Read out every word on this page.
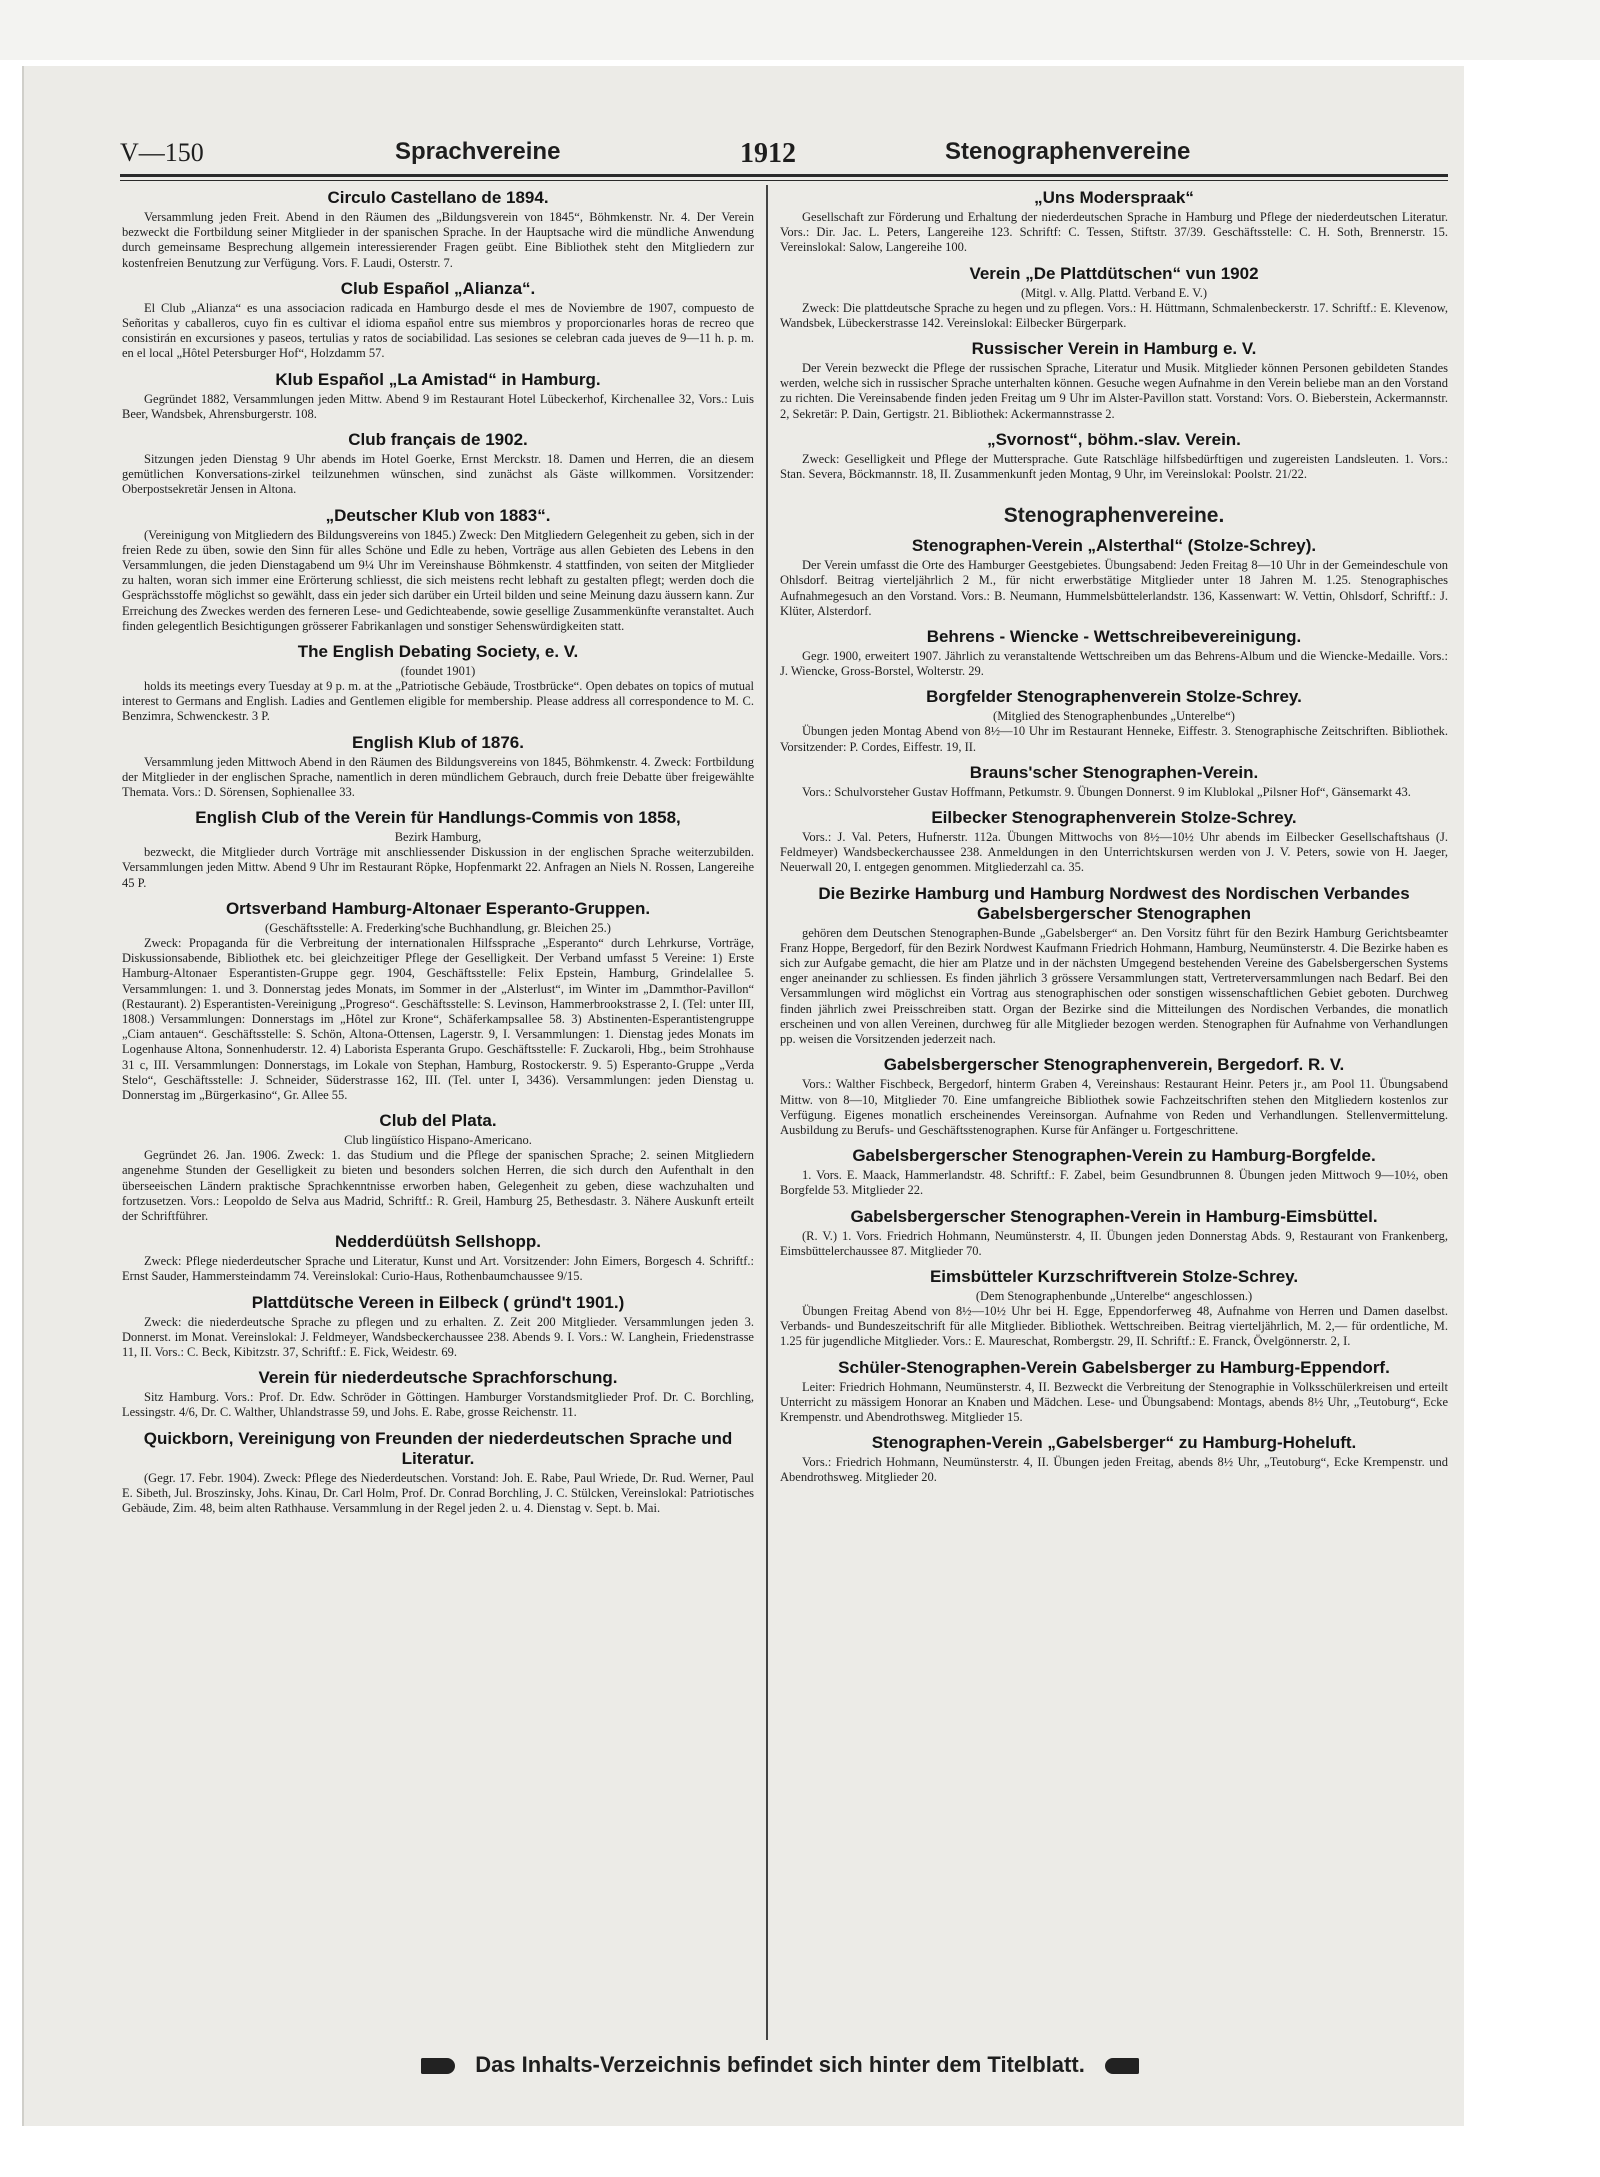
V—150	Sprachvereine	1912	Stenographenvereine
Circulo Castellano de 1894.

Versammlung jeden Freit. Abend in den Räumen des „Bildungsverein von 1845“, Böhmkenstr. Nr. 4. Der Verein bezweckt die Fortbildung seiner Mitglieder in der spanischen Sprache. In der Hauptsache wird die mündliche Anwendung durch gemeinsame Besprechung allgemein interessierender Fragen geübt. Eine Bibliothek steht den Mitgliedern zur kostenfreien Benutzung zur Verfügung. Vors. F. Laudi, Osterstr. 7.

Club Español „Alianza“.

El Club „Alianza“ es una associacion radicada en Hamburgo desde el mes de Noviembre de 1907, compuesto de Señoritas y caballeros, cuyo fin es cultivar el idioma español entre sus miembros y proporcionarles horas de recreo que consistirán en excursiones y paseos, tertulias y ratos de sociabilidad. Las sesiones se celebran cada jueves de 9—11 h. p. m. en el local „Hôtel Petersburger Hof“, Holzdamm 57.

Klub Español „La Amistad“ in Hamburg.

Gegründet 1882, Versammlungen jeden Mittw. Abend 9 im Restaurant Hotel Lübeckerhof, Kirchenallee 32, Vors.: Luis Beer, Wandsbek, Ahrensburgerstr. 108.

Club français de 1902.

Sitzungen jeden Dienstag 9 Uhr abends im Hotel Goerke, Ernst Merckstr. 18. Damen und Herren, die an diesem gemütlichen Konversations-zirkel teilzunehmen wünschen, sind zunächst als Gäste willkommen. Vorsitzender: Oberpostsekretär Jensen in Altona.

„Deutscher Klub von 1883“.

(Vereinigung von Mitgliedern des Bildungsvereins von 1845.) Zweck: Den Mitgliedern Gelegenheit zu geben, sich in der freien Rede zu üben, sowie den Sinn für alles Schöne und Edle zu heben, Vorträge aus allen Gebieten des Lebens in den Versammlungen, die jeden Dienstagabend um 9¼ Uhr im Vereinshause Böhmkenstr. 4 stattfinden, von seiten der Mitglieder zu halten, woran sich immer eine Erörterung schliesst, die sich meistens recht lebhaft zu gestalten pflegt; werden doch die Gesprächsstoffe möglichst so gewählt, dass ein jeder sich darüber ein Urteil bilden und seine Meinung dazu äussern kann. Zur Erreichung des Zweckes werden des ferneren Lese- und Gedichteabende, sowie gesellige Zusammenkünfte veranstaltet. Auch finden gelegentlich Besichtigungen grösserer Fabrikanlagen und sonstiger Sehenswürdigkeiten statt.

The English Debating Society, e. V.
(foundet 1901)

holds its meetings every Tuesday at 9 p. m. at the „Patriotische Gebäude, Trostbrücke“. Open debates on topics of mutual interest to Germans and English. Ladies and Gentlemen eligible for membership. Please address all correspondence to M. C. Benzimra, Schwenckestr. 3 P.

English Klub of 1876.

Versammlung jeden Mittwoch Abend in den Räumen des Bildungsvereins von 1845, Böhmkenstr. 4. Zweck: Fortbildung der Mitglieder in der englischen Sprache, namentlich in deren mündlichem Gebrauch, durch freie Debatte über freigewählte Themata. Vors.: D. Sörensen, Sophienallee 33.

English Club of the Verein für Handlungs-Commis von 1858,
Bezirk Hamburg,

bezweckt, die Mitglieder durch Vorträge mit anschliessender Diskussion in der englischen Sprache weiterzubilden. Versammlungen jeden Mittw. Abend 9 Uhr im Restaurant Röpke, Hopfenmarkt 22. Anfragen an Niels N. Rossen, Langereihe 45 P.

Ortsverband Hamburg-Altonaer Esperanto-Gruppen.
(Geschäftsstelle: A. Frederking'sche Buchhandlung, gr. Bleichen 25.)

Zweck: Propaganda für die Verbreitung der internationalen Hilfssprache „Esperanto“ durch Lehrkurse, Vorträge, Diskussionsabende, Bibliothek etc. bei gleichzeitiger Pflege der Geselligkeit. Der Verband umfasst 5 Vereine: 1) Erste Hamburg-Altonaer Esperantisten-Gruppe gegr. 1904, Geschäftsstelle: Felix Epstein, Hamburg, Grindelallee 5. Versammlungen: 1. und 3. Donnerstag jedes Monats, im Sommer in der „Alsterlust“, im Winter im „Dammthor-Pavillon“ (Restaurant). 2) Esperantisten-Vereinigung „Progreso“. Geschäftsstelle: S. Levinson, Hammerbrookstrasse 2, I. (Tel: unter III, 1808.) Versammlungen: Donnerstags im „Hôtel zur Krone“, Schäferkampsallee 58. 3) Abstinenten-Esperantistengruppe „Ciam antauen“. Geschäftsstelle: S. Schön, Altona-Ottensen, Lagerstr. 9, I. Versammlungen: 1. Dienstag jedes Monats im Logenhause Altona, Sonnenhuderstr. 12. 4) Laborista Esperanta Grupo. Geschäftsstelle: F. Zuckaroli, Hbg., beim Strohhause 31 c, III. Versammlungen: Donnerstags, im Lokale von Stephan, Hamburg, Rostockerstr. 9. 5) Esperanto-Gruppe „Verda Stelo“, Geschäftsstelle: J. Schneider, Süderstrasse 162, III. (Tel. unter I, 3436). Versammlungen: jeden Dienstag u. Donnerstag im „Bürgerkasino“, Gr. Allee 55.

Club del Plata.
Club lingüístico Hispano-Americano.

Gegründet 26. Jan. 1906. Zweck: 1. das Studium und die Pflege der spanischen Sprache; 2. seinen Mitgliedern angenehme Stunden der Geselligkeit zu bieten und besonders solchen Herren, die sich durch den Aufenthalt in den überseeischen Ländern praktische Sprachkenntnisse erworben haben, Gelegenheit zu geben, diese wachzuhalten und fortzusetzen. Vors.: Leopoldo de Selva aus Madrid, Schriftf.: R. Greil, Hamburg 25, Bethesdastr. 3. Nähere Auskunft erteilt der Schriftführer.

Nedderdüütsh Sellshopp.

Zweck: Pflege niederdeutscher Sprache und Literatur, Kunst und Art. Vorsitzender: John Eimers, Borgesch 4. Schriftf.: Ernst Sauder, Hammersteindamm 74. Vereinslokal: Curio-Haus, Rothenbaumchaussee 9/15.

Plattdütsche Vereen in Eilbeck ( gründ't 1901.)

Zweck: die niederdeutsche Sprache zu pflegen und zu erhalten. Z. Zeit 200 Mitglieder. Versammlungen jeden 3. Donnerst. im Monat. Vereinslokal: J. Feldmeyer, Wandsbeckerchaussee 238. Abends 9. I. Vors.: W. Langhein, Friedenstrasse 11, II. Vors.: C. Beck, Kibitzstr. 37, Schriftf.: E. Fick, Weidestr. 69.

Verein für niederdeutsche Sprachforschung.

Sitz Hamburg. Vors.: Prof. Dr. Edw. Schröder in Göttingen. Hamburger Vorstandsmitglieder Prof. Dr. C. Borchling, Lessingstr. 4/6, Dr. C. Walther, Uhlandstrasse 59, und Johs. E. Rabe, grosse Reichenstr. 11.

Quickborn, Vereinigung von Freunden der niederdeutschen Sprache und Literatur.

(Gegr. 17. Febr. 1904). Zweck: Pflege des Niederdeutschen. Vorstand: Joh. E. Rabe, Paul Wriede, Dr. Rud. Werner, Paul E. Sibeth, Jul. Broszinsky, Johs. Kinau, Dr. Carl Holm, Prof. Dr. Conrad Borchling, J. C. Stülcken, Vereinslokal: Patriotisches Gebäude, Zim. 48, beim alten Rathhause. Versammlung in der Regel jeden 2. u. 4. Dienstag v. Sept. b. Mai.

„Uns Moderspraak“

Gesellschaft zur Förderung und Erhaltung der niederdeutschen Sprache in Hamburg und Pflege der niederdeutschen Literatur. Vors.: Dir. Jac. L. Peters, Langereihe 123. Schriftf: C. Tessen, Stiftstr. 37/39. Geschäftsstelle: C. H. Soth, Brennerstr. 15. Vereinslokal: Salow, Langereihe 100.

Verein „De Plattdütschen“ vun 1902
(Mitgl. v. Allg. Plattd. Verband E. V.)

Zweck: Die plattdeutsche Sprache zu hegen und zu pflegen. Vors.: H. Hüttmann, Schmalenbeckerstr. 17. Schriftf.: E. Klevenow, Wandsbek, Lübeckerstrasse 142. Vereinslokal: Eilbecker Bürgerpark.

Russischer Verein in Hamburg e. V.

Der Verein bezweckt die Pflege der russischen Sprache, Literatur und Musik. Mitglieder können Personen gebildeten Standes werden, welche sich in russischer Sprache unterhalten können. Gesuche wegen Aufnahme in den Verein beliebe man an den Vorstand zu richten. Die Vereinsabende finden jeden Freitag um 9 Uhr im Alster-Pavillon statt. Vorstand: Vors. O. Bieberstein, Ackermannstr. 2, Sekretär: P. Dain, Gertigstr. 21. Bibliothek: Ackermannstrasse 2.

„Svornost“, böhm.-slav. Verein.

Zweck: Geselligkeit und Pflege der Muttersprache. Gute Ratschläge hilfsbedürftigen und zugereisten Landsleuten. 1. Vors.: Stan. Severa, Böckmannstr. 18, II. Zusammenkunft jeden Montag, 9 Uhr, im Vereinslokal: Poolstr. 21/22.

Stenographenvereine.
Stenographen-Verein „Alsterthal“ (Stolze-Schrey).

Der Verein umfasst die Orte des Hamburger Geestgebietes. Übungsabend: Jeden Freitag 8—10 Uhr in der Gemeindeschule von Ohlsdorf. Beitrag vierteljährlich 2 M., für nicht erwerbstätige Mitglieder unter 18 Jahren M. 1.25. Stenographisches Aufnahmegesuch an den Vorstand. Vors.: B. Neumann, Hummelsbüttelerlandstr. 136, Kassenwart: W. Vettin, Ohlsdorf, Schriftf.: J. Klüter, Alsterdorf.

Behrens - Wiencke - Wettschreibevereinigung.

Gegr. 1900, erweitert 1907. Jährlich zu veranstaltende Wettschreiben um das Behrens-Album und die Wiencke-Medaille. Vors.: J. Wiencke, Gross-Borstel, Wolterstr. 29.

Borgfelder Stenographenverein Stolze-Schrey.
(Mitglied des Stenographenbundes „Unterelbe“)

Übungen jeden Montag Abend von 8½—10 Uhr im Restaurant Henneke, Eiffestr. 3. Stenographische Zeitschriften. Bibliothek. Vorsitzender: P. Cordes, Eiffestr. 19, II.

Brauns'scher Stenographen-Verein.

Vors.: Schulvorsteher Gustav Hoffmann, Petkumstr. 9. Übungen Donnerst. 9 im Klublokal „Pilsner Hof“, Gänsemarkt 43.

Eilbecker Stenographenverein Stolze-Schrey.

Vors.: J. Val. Peters, Hufnerstr. 112a. Übungen Mittwochs von 8½—10½ Uhr abends im Eilbecker Gesellschaftshaus (J. Feldmeyer) Wandsbeckerchaussee 238. Anmeldungen in den Unterrichtskursen werden von J. V. Peters, sowie von H. Jaeger, Neuerwall 20, I. entgegen genommen. Mitgliederzahl ca. 35.

Die Bezirke Hamburg und Hamburg Nordwest des Nordischen Verbandes Gabelsbergerscher Stenographen

gehören dem Deutschen Stenographen-Bunde „Gabelsberger“ an. Den Vorsitz führt für den Bezirk Hamburg Gerichtsbeamter Franz Hoppe, Bergedorf, für den Bezirk Nordwest Kaufmann Friedrich Hohmann, Hamburg, Neumünsterstr. 4. Die Bezirke haben es sich zur Aufgabe gemacht, die hier am Platze und in der nächsten Umgegend bestehenden Vereine des Gabelsbergerschen Systems enger aneinander zu schliessen. Es finden jährlich 3 grössere Versammlungen statt, Vertreterversammlungen nach Bedarf. Bei den Versammlungen wird möglichst ein Vortrag aus stenographischen oder sonstigen wissenschaftlichen Gebiet geboten. Durchweg finden jährlich zwei Preisschreiben statt. Organ der Bezirke sind die Mitteilungen des Nordischen Verbandes, die monatlich erscheinen und von allen Vereinen, durchweg für alle Mitglieder bezogen werden. Stenographen für Aufnahme von Verhandlungen pp. weisen die Vorsitzenden jederzeit nach.

Gabelsbergerscher Stenographenverein, Bergedorf. R. V.

Vors.: Walther Fischbeck, Bergedorf, hinterm Graben 4, Vereinshaus: Restaurant Heinr. Peters jr., am Pool 11. Übungsabend Mittw. von 8—10, Mitglieder 70. Eine umfangreiche Bibliothek sowie Fachzeitschriften stehen den Mitgliedern kostenlos zur Verfügung. Eigenes monatlich erscheinendes Vereinsorgan. Aufnahme von Reden und Verhandlungen. Stellenvermittelung. Ausbildung zu Berufs- und Geschäftsstenographen. Kurse für Anfänger u. Fortgeschrittene.

Gabelsbergerscher Stenographen-Verein zu Hamburg-Borgfelde.

1. Vors. E. Maack, Hammerlandstr. 48. Schriftf.: F. Zabel, beim Gesundbrunnen 8. Übungen jeden Mittwoch 9—10½, oben Borgfelde 53. Mitglieder 22.

Gabelsbergerscher Stenographen-Verein in Hamburg-Eimsbüttel.

(R. V.) 1. Vors. Friedrich Hohmann, Neumünsterstr. 4, II. Übungen jeden Donnerstag Abds. 9, Restaurant von Frankenberg, Eimsbüttelerchaussee 87. Mitglieder 70.

Eimsbütteler Kurzschriftverein Stolze-Schrey.
(Dem Stenographenbunde „Unterelbe“ angeschlossen.)

Übungen Freitag Abend von 8½—10½ Uhr bei H. Egge, Eppendorferweg 48, Aufnahme von Herren und Damen daselbst. Verbands- und Bundeszeitschrift für alle Mitglieder. Bibliothek. Wettschreiben. Beitrag vierteljährlich, M. 2,— für ordentliche, M. 1.25 für jugendliche Mitglieder. Vors.: E. Maureschat, Rombergstr. 29, II. Schriftf.: E. Franck, Övelgönnerstr. 2, I.

Schüler-Stenographen-Verein Gabelsberger zu Hamburg-Eppendorf.

Leiter: Friedrich Hohmann, Neumünsterstr. 4, II. Bezweckt die Verbreitung der Stenographie in Volksschülerkreisen und erteilt Unterricht zu mässigem Honorar an Knaben und Mädchen. Lese- und Übungsabend: Montags, abends 8½ Uhr, „Teutoburg“, Ecke Krempenstr. und Abendrothsweg. Mitglieder 15.

Stenographen-Verein „Gabelsberger“ zu Hamburg-Hoheluft.

Vors.: Friedrich Hohmann, Neumünsterstr. 4, II. Übungen jeden Freitag, abends 8½ Uhr, „Teutoburg“, Ecke Krempenstr. und Abendrothsweg. Mitglieder 20.

Das Inhalts-Verzeichnis befindet sich hinter dem Titelblatt.
